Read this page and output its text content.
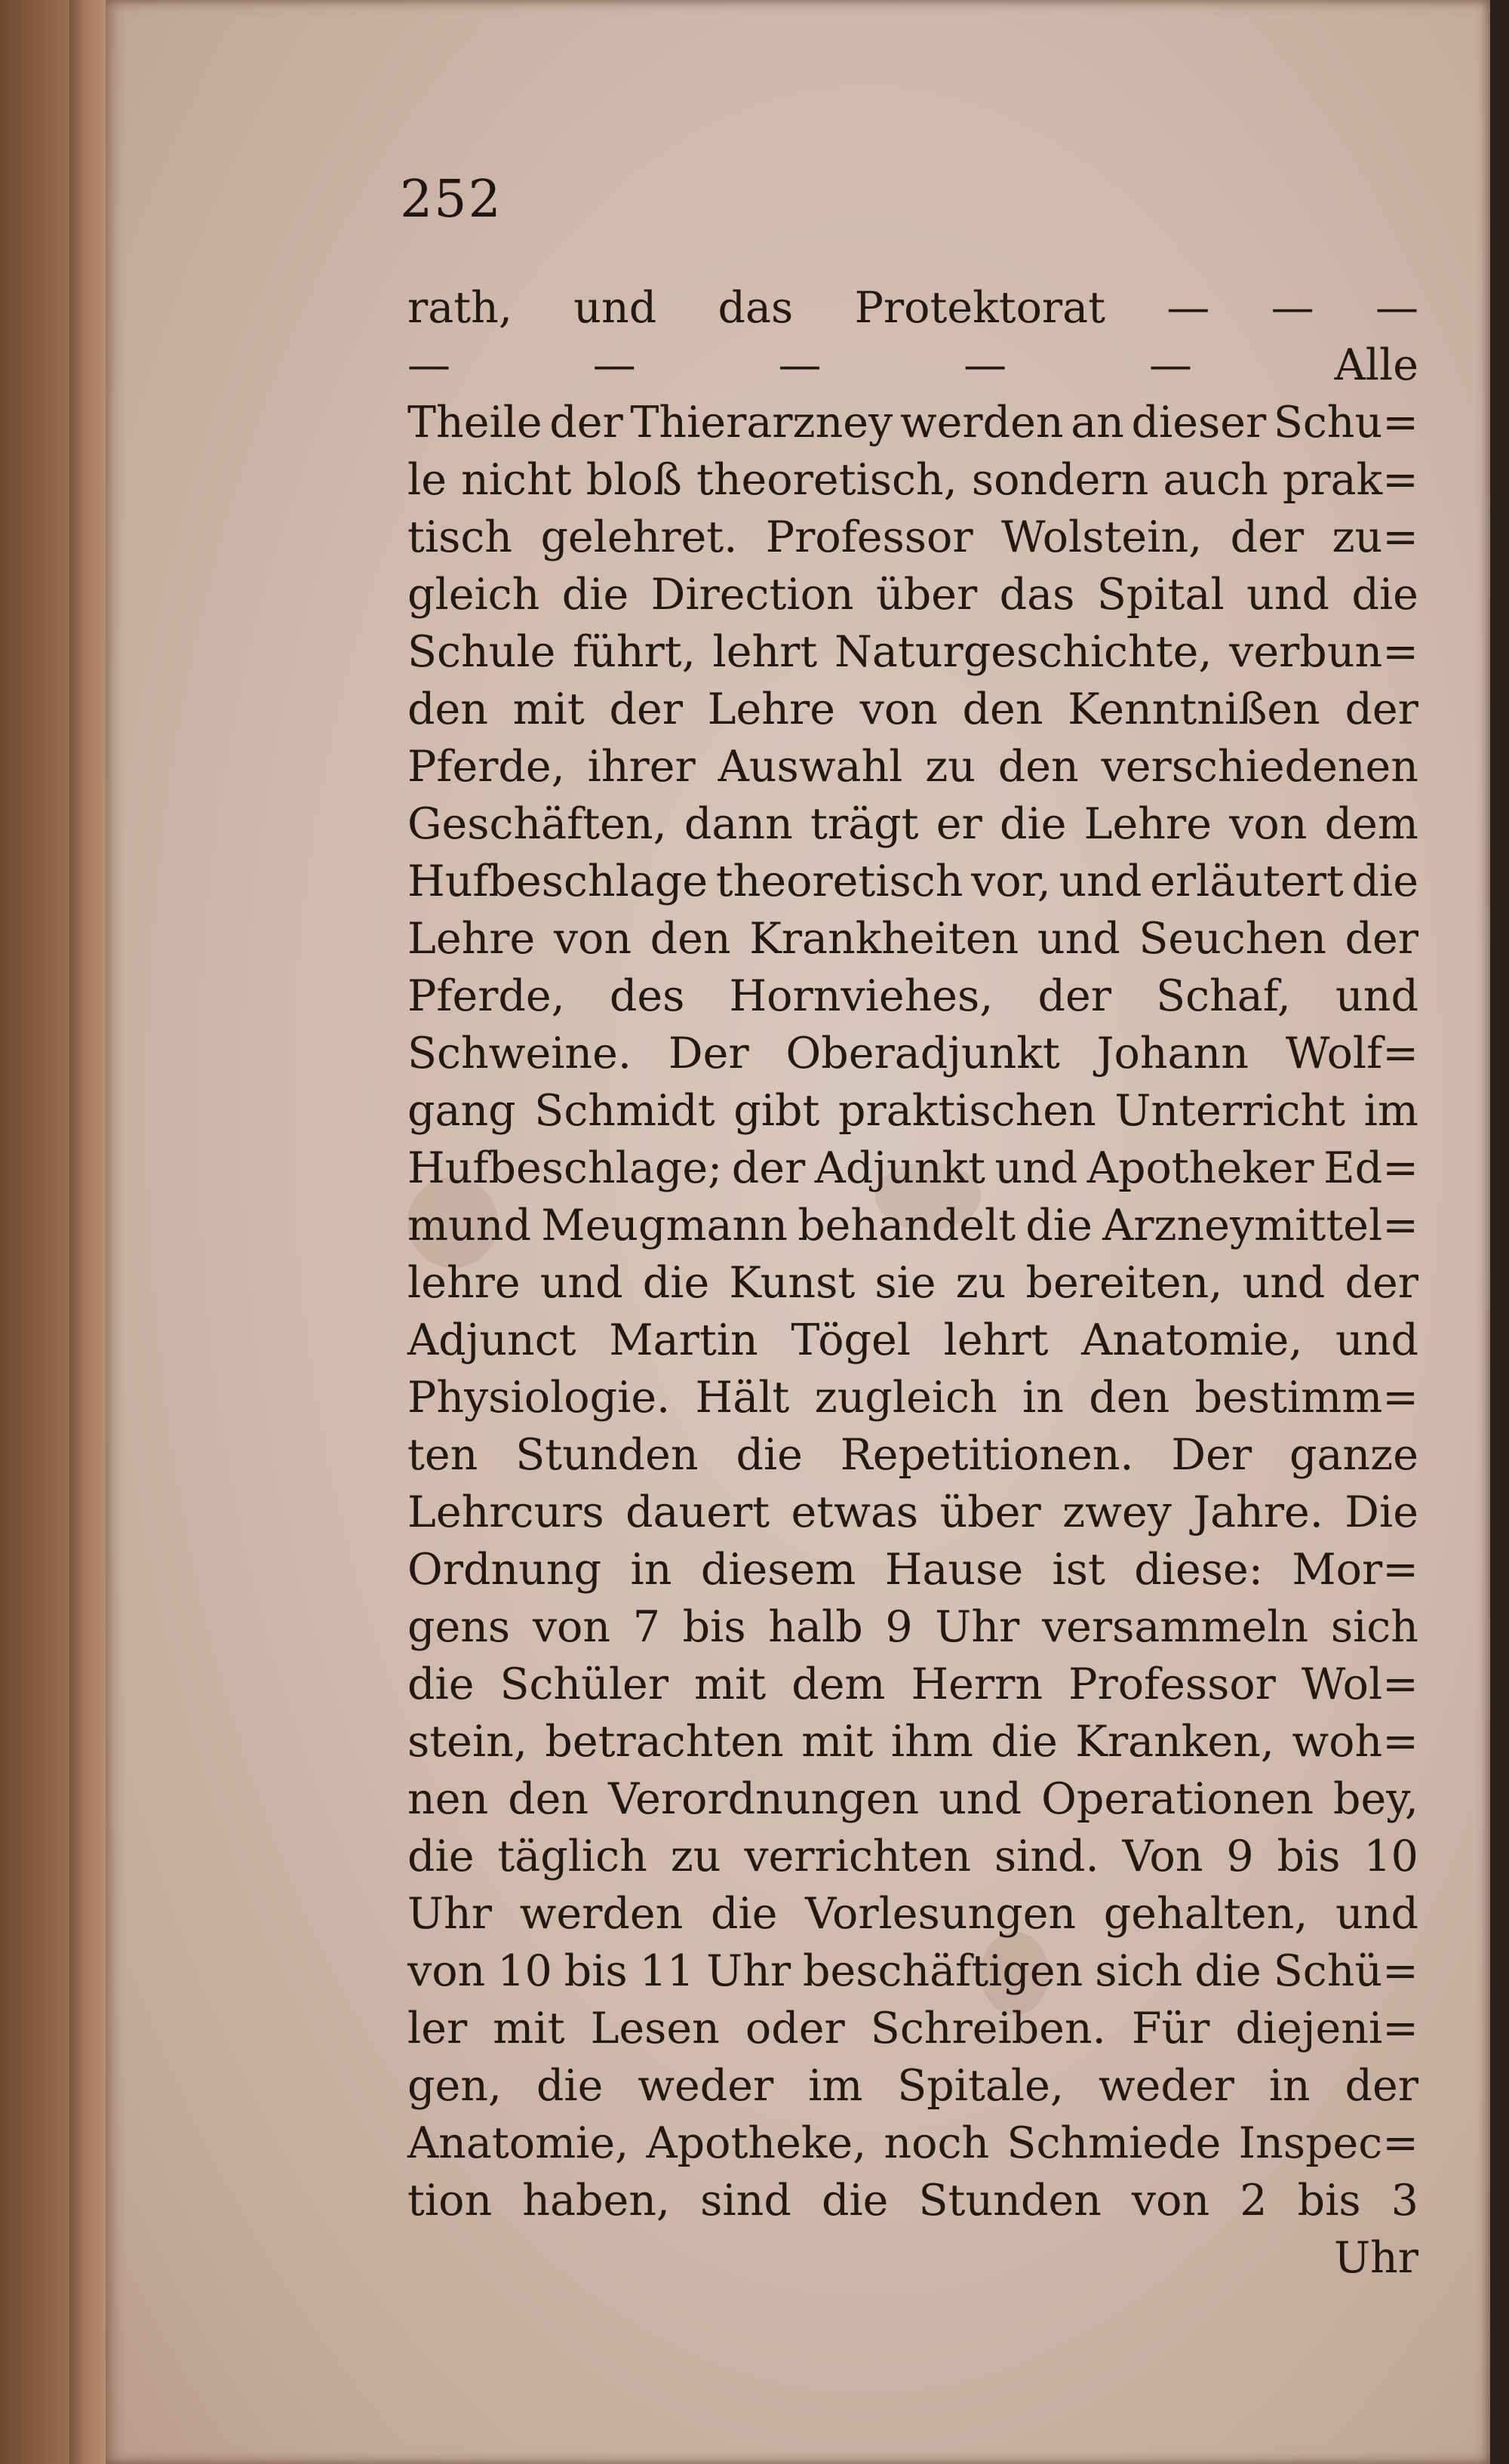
252
rath, und das Protektorat — — —
—	—	—	—	—	Alle
Theile der Thierarzney werden an dieser Schu=
le nicht bloß theoretisch, sondern auch prak=
tisch gelehret. Professor Wolstein, der zu=
gleich die Direction über das Spital und die
Schule führt, lehrt Naturgeschichte, verbun=
den mit der Lehre von den Kenntnißen der
Pferde, ihrer Auswahl zu den verschiedenen
Geschäften, dann trägt er die Lehre von dem
Hufbeschlage theoretisch vor, und erläutert die
Lehre von den Krankheiten und Seuchen der
Pferde, des Hornviehes, der Schaf, und
Schweine. Der Oberadjunkt Johann Wolf=
gang Schmidt gibt praktischen Unterricht im
Hufbeschlage; der Adjunkt und Apotheker Ed=
mund Meugmann behandelt die Arzneymittel=
lehre und die Kunst sie zu bereiten, und der
Adjunct Martin Tögel lehrt Anatomie, und
Physiologie. Hält zugleich in den bestimm=
ten Stunden die Repetitionen. Der ganze
Lehrcurs dauert etwas über zwey Jahre. Die
Ordnung in diesem Hause ist diese: Mor=
gens von 7 bis halb 9 Uhr versammeln sich
die Schüler mit dem Herrn Professor Wol=
stein, betrachten mit ihm die Kranken, woh=
nen den Verordnungen und Operationen bey,
die täglich zu verrichten sind. Von 9 bis 10
Uhr werden die Vorlesungen gehalten, und
von 10 bis 11 Uhr beschäftigen sich die Schü=
ler mit Lesen oder Schreiben. Für diejeni=
gen, die weder im Spitale, weder in der
Anatomie, Apotheke, noch Schmiede Inspec=
tion haben, sind die Stunden von 2 bis 3
Uhr
